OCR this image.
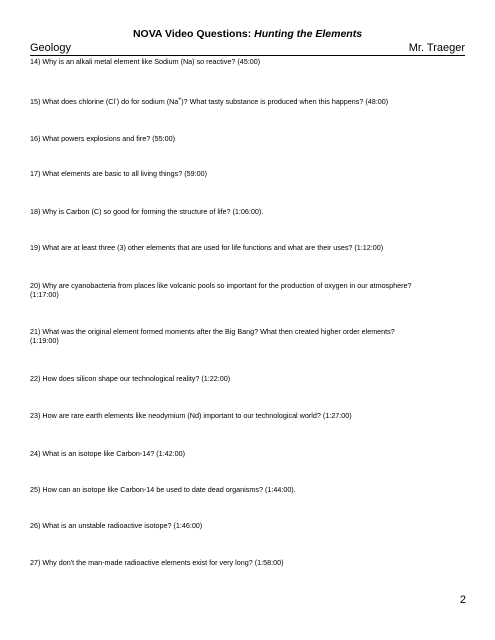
NOVA Video Questions: Hunting the Elements
Geology	Mr. Traeger
14) Why is an alkali metal element like Sodium (Na) so reactive? (45:00)
15) What does chlorine (Cl-) do for sodium (Na+)? What tasty substance is produced when this happens? (48:00)
16) What powers explosions and fire? (55:00)
17) What elements are basic to all living things? (59:00)
18) Why is Carbon (C) so good for forming the structure of life? (1:06:00).
19) What are at least three (3) other elements that are used for life functions and what are their uses? (1:12:00)
20) Why are cyanobacteria from places like volcanic pools so important for the production of oxygen in our atmosphere?
(1:17:00)
21) What was the original element formed moments after the Big Bang? What then created higher order elements?
(1:19:00)
22) How does silicon shape our technological reality? (1:22:00)
23) How are rare earth elements like neodymium (Nd) important to our technological world? (1:27:00)
24) What is an isotope like Carbon-14? (1:42:00)
25) How can an isotope like Carbon-14 be used to date dead organisms? (1:44:00).
26) What is an unstable radioactive isotope? (1:46:00)
27) Why don't the man-made radioactive elements exist for very long? (1:58:00)
2
